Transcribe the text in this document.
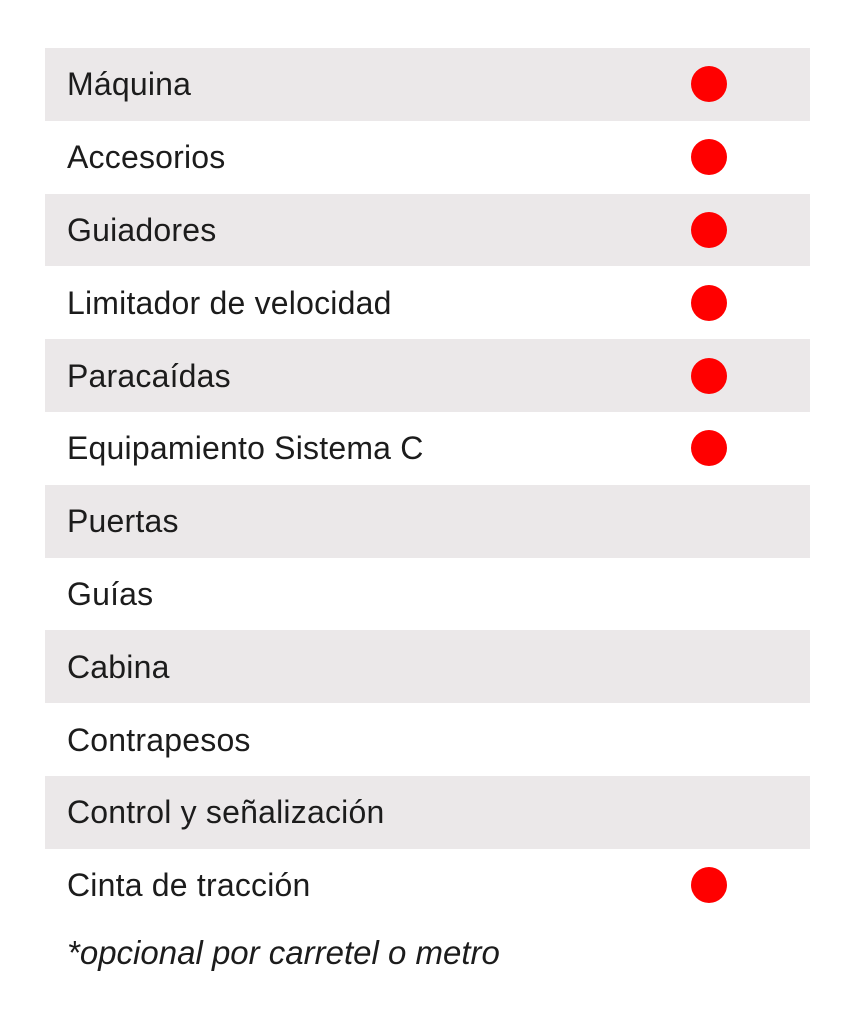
Máquina
Accesorios
Guiadores
Limitador de velocidad
Paracaídas
Equipamiento Sistema C
Puertas
Guías
Cabina
Contrapesos
Control y señalización
Cinta de tracción
*opcional por carretel o metro
